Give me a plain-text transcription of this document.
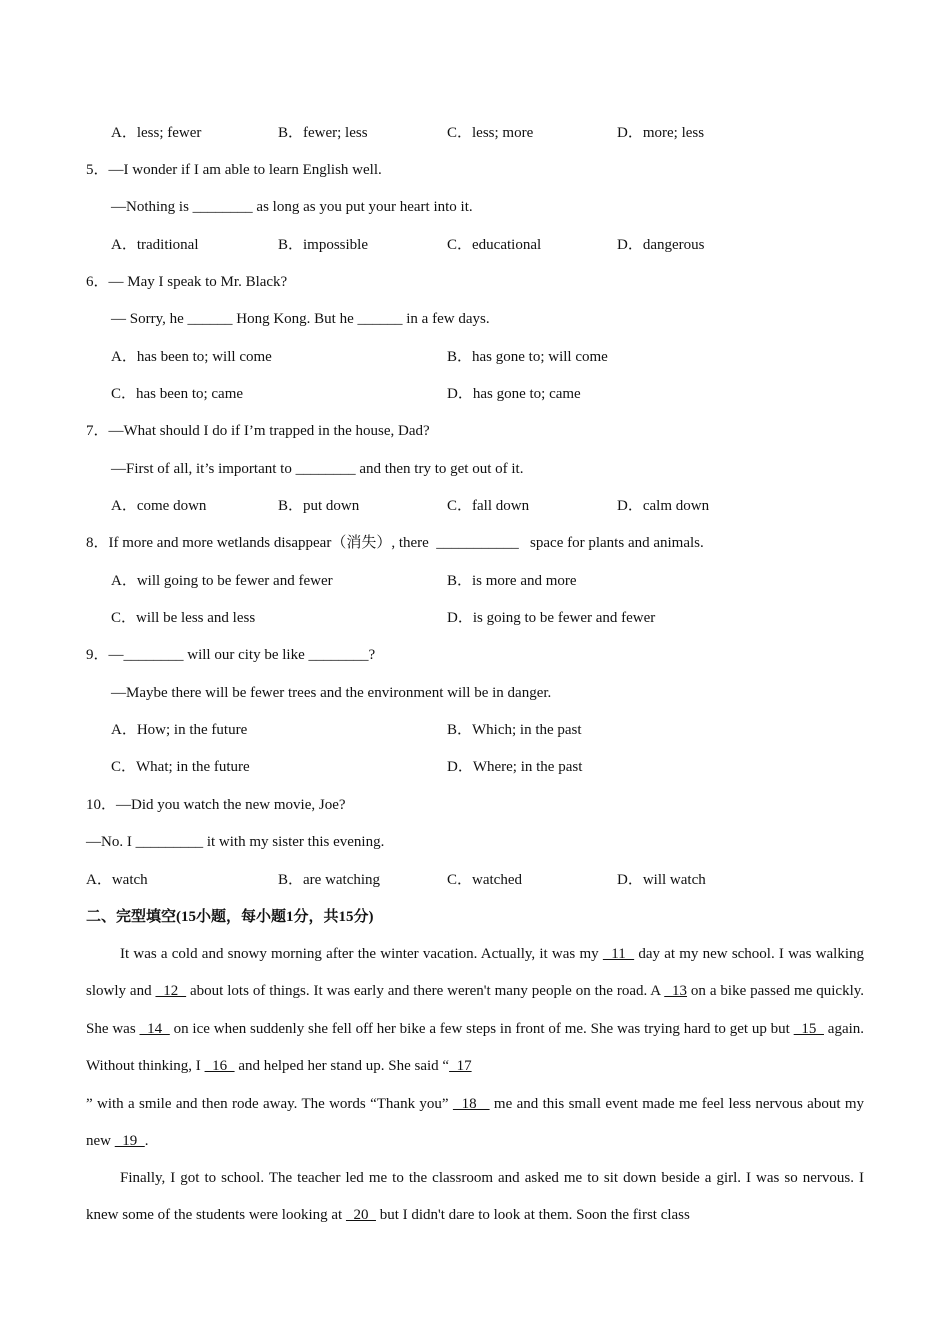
A．less; fewer	B．fewer; less	C．less; more	D．more; less
5．—I wonder if I am able to learn English well.
—Nothing is ________ as long as you put your heart into it.
A．traditional	B．impossible	C．educational	D．dangerous
6．— May I speak to Mr. Black?
— Sorry, he ______ Hong Kong. But he ______ in a few days.
A．has been to; will come	B．has gone to; will come
C．has been to; came	D．has gone to; came
7．—What should I do if I’m trapped in the house, Dad?
—First of all, it’s important to ________ and then try to get out of it.
A．come down	B．put down	C．fall down	D．calm down
8．If more and more wetlands disappear（消失）, there  ___________   space for plants and animals.
A．will going to be fewer and fewer	B．is more and more
C．will be less and less	D．is going to be fewer and fewer
9．—________ will our city be like ________?
—Maybe there will be fewer trees and the environment will be in danger.
A．How; in the future	B．Which; in the past
C．What; in the future	D．Where; in the past
10．—Did you watch the new movie, Joe?
—No. I _________ it with my sister this evening.
A．watch	B．are watching	C．watched	D．will watch
二、完型填空(15小题，每小题1分，共15分)
It was a cold and snowy morning after the winter vacation. Actually, it was my   11   day at my new school. I was walking slowly and   12   about lots of things. It was early and there weren't many people on the road. A   13 on a bike passed me quickly. She was   14   on ice when suddenly she fell off her bike a few steps in front of me. She was trying hard to get up but   15   again. Without thinking, I   16   and helped her stand up. She said “  17
” with a smile and then rode away. The words “Thank you”   18    me and this small event made me feel less nervous about my new   19  .
Finally, I got to school. The teacher led me to the classroom and asked me to sit down beside a girl. I was so nervous. I knew some of the students were looking at   20   but I didn't dare to look at them. Soon the first class
